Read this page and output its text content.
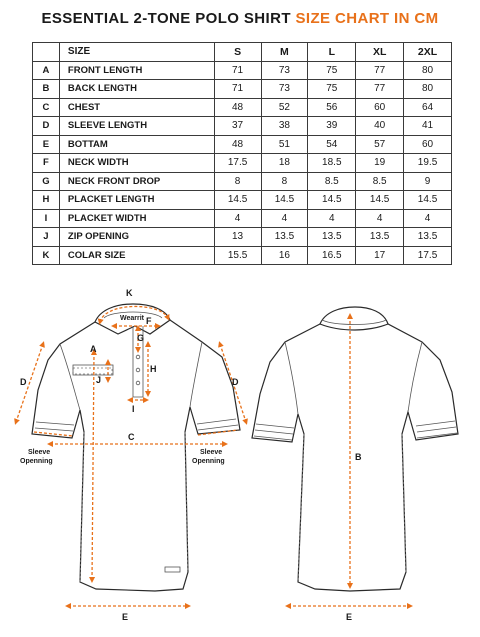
ESSENTIAL 2-TONE POLO SHIRT SIZE CHART IN CM
	SIZE	S	M	L	XL	2XL
A	FRONT LENGTH	71	73	75	77	80
B	BACK LENGTH	71	73	75	77	80
C	CHEST	48	52	56	60	64
D	SLEEVE LENGTH	37	38	39	40	41
E	BOTTAM	48	51	54	57	60
F	NECK WIDTH	17.5	18	18.5	19	19.5
G	NECK FRONT DROP	8	8	8.5	8.5	9
H	PLACKET LENGTH	14.5	14.5	14.5	14.5	14.5
I	PLACKET WIDTH	4	4	4	4	4
J	ZIP OPENING	13	13.5	13.5	13.5	13.5
K	COLAR SIZE	15.5	16	16.5	17	17.5
Wearrit
A
C
D	D
E
K
F
G
H
I
J
Sleeve
Openning
Sleeve
Openning	B
E
